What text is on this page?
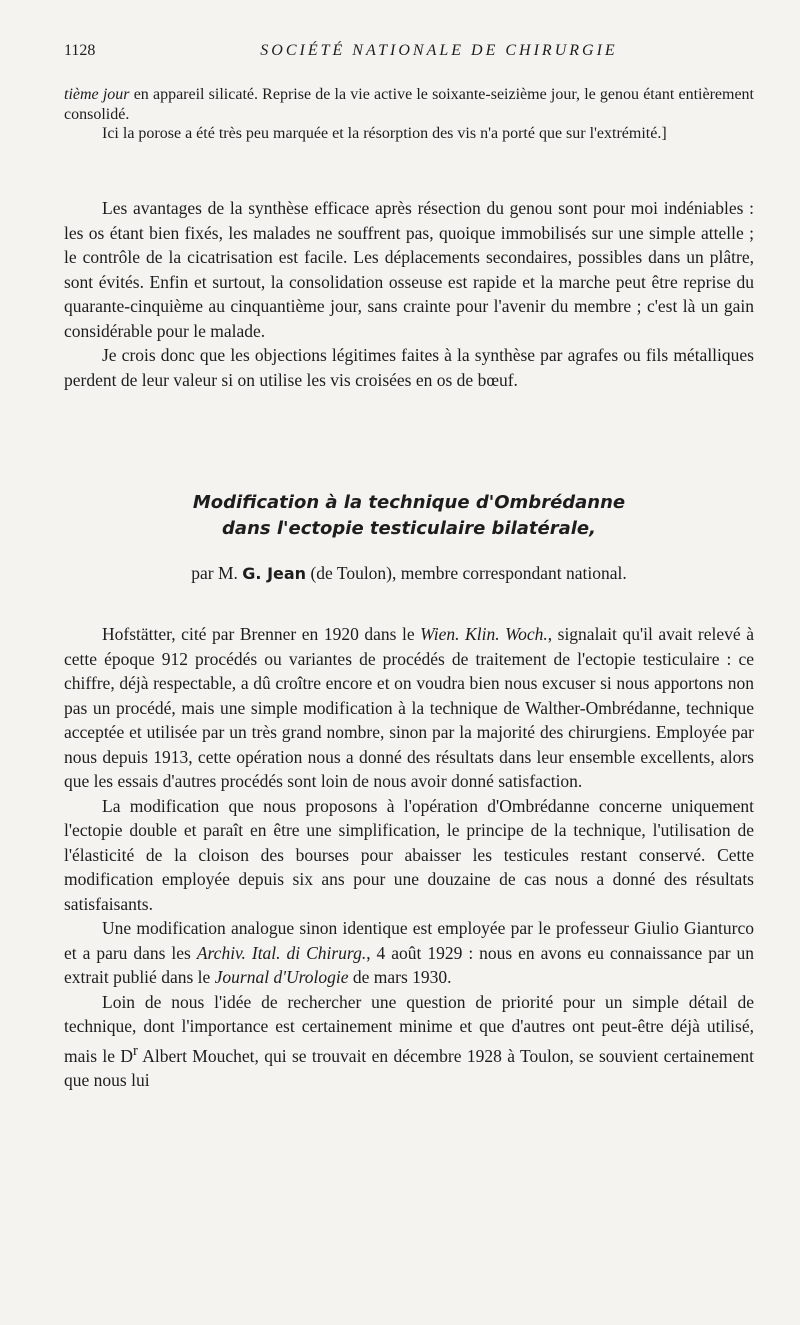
1128	SOCIÉTÉ NATIONALE DE CHIRURGIE

tième jour en appareil silicaté. Reprise de la vie active le soixante-seizième jour, le genou étant entièrement consolidé.

Ici la porose a été très peu marquée et la résorption des vis n'a porté que sur l'extrémité.]

Les avantages de la synthèse efficace après résection du genou sont pour moi indéniables : les os étant bien fixés, les malades ne souffrent pas, quoique immobilisés sur une simple attelle ; le contrôle de la cicatrisation est facile. Les déplacements secondaires, possibles dans un plâtre, sont évités. Enfin et surtout, la consolidation osseuse est rapide et la marche peut être reprise du quarante-cinquième au cinquantième jour, sans crainte pour l'avenir du membre ; c'est là un gain considérable pour le malade.

Je crois donc que les objections légitimes faites à la synthèse par agrafes ou fils métalliques perdent de leur valeur si on utilise les vis croisées en os de bœuf.

Modification à la technique d'Ombrédanne
dans l'ectopie testiculaire bilatérale,
par M. G. Jean (de Toulon), membre correspondant national.

Hofstätter, cité par Brenner en 1920 dans le Wien. Klin. Woch., signalait qu'il avait relevé à cette époque 912 procédés ou variantes de procédés de traitement de l'ectopie testiculaire : ce chiffre, déjà respectable, a dû croître encore et on voudra bien nous excuser si nous apportons non pas un procédé, mais une simple modification à la technique de Walther-Ombrédanne, technique acceptée et utilisée par un très grand nombre, sinon par la majorité des chirurgiens. Employée par nous depuis 1913, cette opération nous a donné des résultats dans leur ensemble excellents, alors que les essais d'autres procédés sont loin de nous avoir donné satisfaction.

La modification que nous proposons à l'opération d'Ombrédanne concerne uniquement l'ectopie double et paraît en être une simplification, le principe de la technique, l'utilisation de l'élasticité de la cloison des bourses pour abaisser les testicules restant conservé. Cette modification employée depuis six ans pour une douzaine de cas nous a donné des résultats satisfaisants.

Une modification analogue sinon identique est employée par le professeur Giulio Gianturco et a paru dans les Archiv. Ital. di Chirurg., 4 août 1929 : nous en avons eu connaissance par un extrait publié dans le Journal d'Urologie de mars 1930.

Loin de nous l'idée de rechercher une question de priorité pour un simple détail de technique, dont l'importance est certainement minime et que d'autres ont peut-être déjà utilisé, mais le $D^r$ Albert Mouchet, qui se trouvait en décembre 1928 à Toulon, se souvient certainement que nous lui
